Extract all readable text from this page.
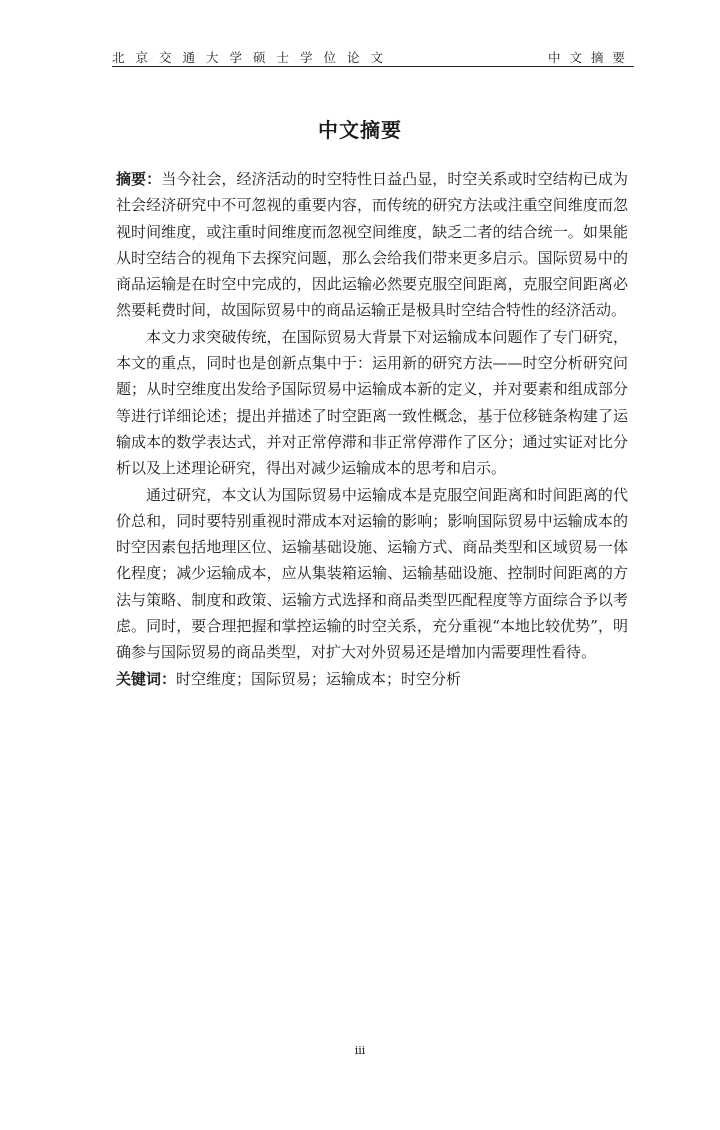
北京交通大学硕士学位论文	中文摘要
中文摘要

摘要：当今社会，经济活动的时空特性日益凸显，时空关系或时空结构已成为社会经济研究中不可忽视的重要内容，而传统的研究方法或注重空间维度而忽视时间维度，或注重时间维度而忽视空间维度，缺乏二者的结合统一。如果能从时空结合的视角下去探究问题，那么会给我们带来更多启示。国际贸易中的商品运输是在时空中完成的，因此运输必然要克服空间距离，克服空间距离必然要耗费时间，故国际贸易中的商品运输正是极具时空结合特性的经济活动。

本文力求突破传统，在国际贸易大背景下对运输成本问题作了专门研究，本文的重点，同时也是创新点集中于：运用新的研究方法——时空分析研究问题；从时空维度出发给予国际贸易中运输成本新的定义，并对要素和组成部分等进行详细论述；提出并描述了时空距离一致性概念，基于位移链条构建了运输成本的数学表达式，并对正常停滞和非正常停滞作了区分；通过实证对比分析以及上述理论研究，得出对减少运输成本的思考和启示。

通过研究，本文认为国际贸易中运输成本是克服空间距离和时间距离的代价总和，同时要特别重视时滞成本对运输的影响；影响国际贸易中运输成本的时空因素包括地理区位、运输基础设施、运输方式、商品类型和区域贸易一体化程度；减少运输成本，应从集装箱运输、运输基础设施、控制时间距离的方法与策略、制度和政策、运输方式选择和商品类型匹配程度等方面综合予以考虑。同时，要合理把握和掌控运输的时空关系，充分重视“本地比较优势”，明确参与国际贸易的商品类型，对扩大对外贸易还是增加内需要理性看待。

关键词：时空维度；国际贸易；运输成本；时空分析

iii
